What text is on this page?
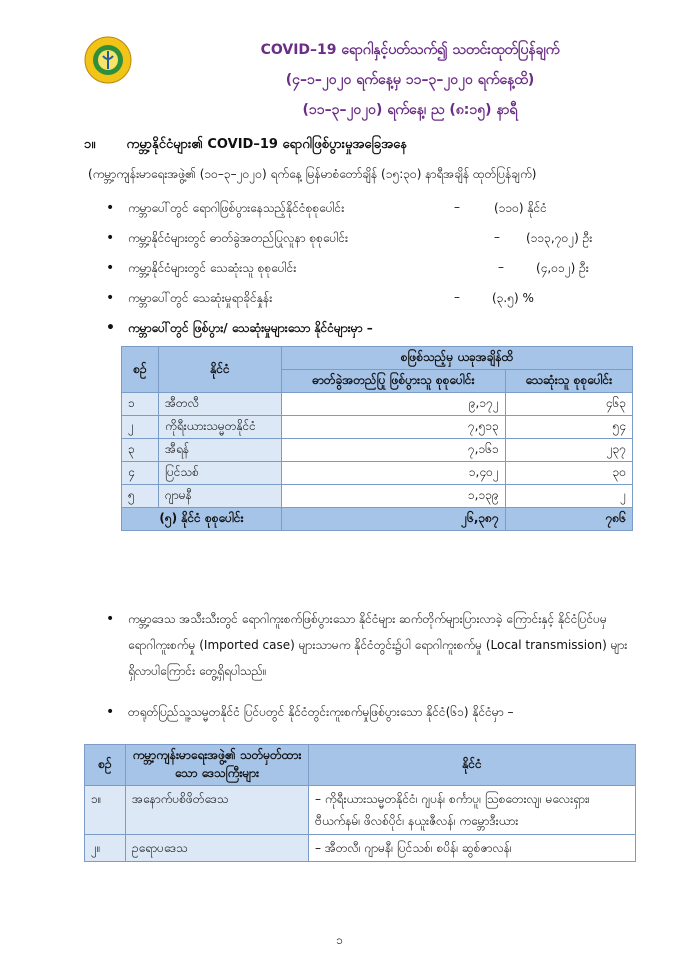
COVID–19 ရောဂါနှင့်ပတ်သက်၍ သတင်းထုတ်ပြန်ချက်
(၄–၁–၂၀၂၀ ရက်နေ့မှ ၁၁–၃–၂၀၂၀ ရက်နေ့ထိ)
(၁၁–၃–၂၀၂၀) ရက်နေ့၊ ည (၈:၁၅) နာရီ
၁။ ကမ္ဘာ့နိုင်ငံများ၏ COVID–19 ရောဂါဖြစ်ပွားမှုအခြေအနေ
(ကမ္ဘာ့ကျန်းမာရေးအဖွဲ့၏ (၁၀–၃–၂၀၂၀) ရက်နေ့ မြန်မာစံတော်ချိန် (၁၅:၃၀) နာရီအချိန် ထုတ်ပြန်ချက်)
• ကမ္ဘာပေါ်တွင် ရောဂါဖြစ်ပွားနေသည့်နိုင်ငံစုစုပေါင်း	–	(၁၁၀) နိုင်ငံ
• ကမ္ဘာ့နိုင်ငံများတွင် ဓာတ်ခွဲအတည်ပြုလူနာ စုစုပေါင်း	– (၁၁၃,၇၀၂) ဦး
• ကမ္ဘာ့နိုင်ငံများတွင် သေဆုံးသူ စုစုပေါင်း	–	(၄,၀၁၂) ဦး
• ကမ္ဘာပေါ်တွင် သေဆုံးမှုရာခိုင်နှုန်း	–	(၃.၅) %
• ကမ္ဘာပေါ်တွင် ဖြစ်ပွား/ သေဆုံးမှုများသော နိုင်ငံများမှာ –
စဉ်	နိုင်ငံ	စဖြစ်သည့်မှ ယခုအချိန်ထိ	
		ဓာတ်ခွဲအတည်ပြု ဖြစ်ပွားသူ စုစုပေါင်း	သေဆုံးသူ စုစုပေါင်း
၁	အီတလီ	၉,၁၇၂	၄၆၃
၂	ကိုရီးယားသမ္မတနိုင်ငံ	၇,၅၁၃	၅၄
၃	အီရန်	၇,၁၆၁	၂၃၇
၄	ပြင်သစ်	၁,၄၀၂	၃၀
၅	ဂျာမနီ	၁,၁၃၉	၂
(၅) နိုင်ငံ စုစုပေါင်း		၂၆,၃၈၇	၇၈၆
• ကမ္ဘာ့ဒေသ အသီးသီးတွင် ရောဂါကူးစက်ဖြစ်ပွားသော နိုင်ငံများ ဆက်တိုက်များပြားလာခဲ့ ကြောင်းနှင့် နိုင်ငံပြင်ပမှ ရောဂါကူးစက်မှု (Imported case) များသာမက နိုင်ငံတွင်း၌ပါ ရောဂါကူးစက်မှု (Local transmission) များ ရှိလာပါကြောင်း တွေ့ရှိရပါသည်။
• တရုတ်ပြည်သူ့သမ္မတနိုင်ငံ ပြင်ပတွင် နိုင်ငံတွင်းကူးစက်မှုဖြစ်ပွားသော နိုင်ငံ(၆၁) နိုင်ငံမှာ –
စဉ်	ကမ္ဘာ့ကျန်းမာရေးအဖွဲ့၏ သတ်မှတ်ထားသော ဒေသကြီးများ	နိုင်ငံ
၁။	အနောက်ပစိဖိတ်ဒေသ	– ကိုရီးယားသမ္မတနိုင်ငံ၊ ဂျပန်၊ စင်္ကာပူ၊ ဩစတေးလျ၊ မလေးရှား၊ ဗီယက်နမ်၊ ဖိလစ်ပိုင်၊ နယူးဇီလန်၊ ကမ္ဘောဒီးယား
၂။	ဥရောပဒေသ	– အီတလီ၊ ဂျာမနီ၊ ပြင်သစ်၊ စပိန်၊ ဆွစ်ဇာလန်၊
၁
